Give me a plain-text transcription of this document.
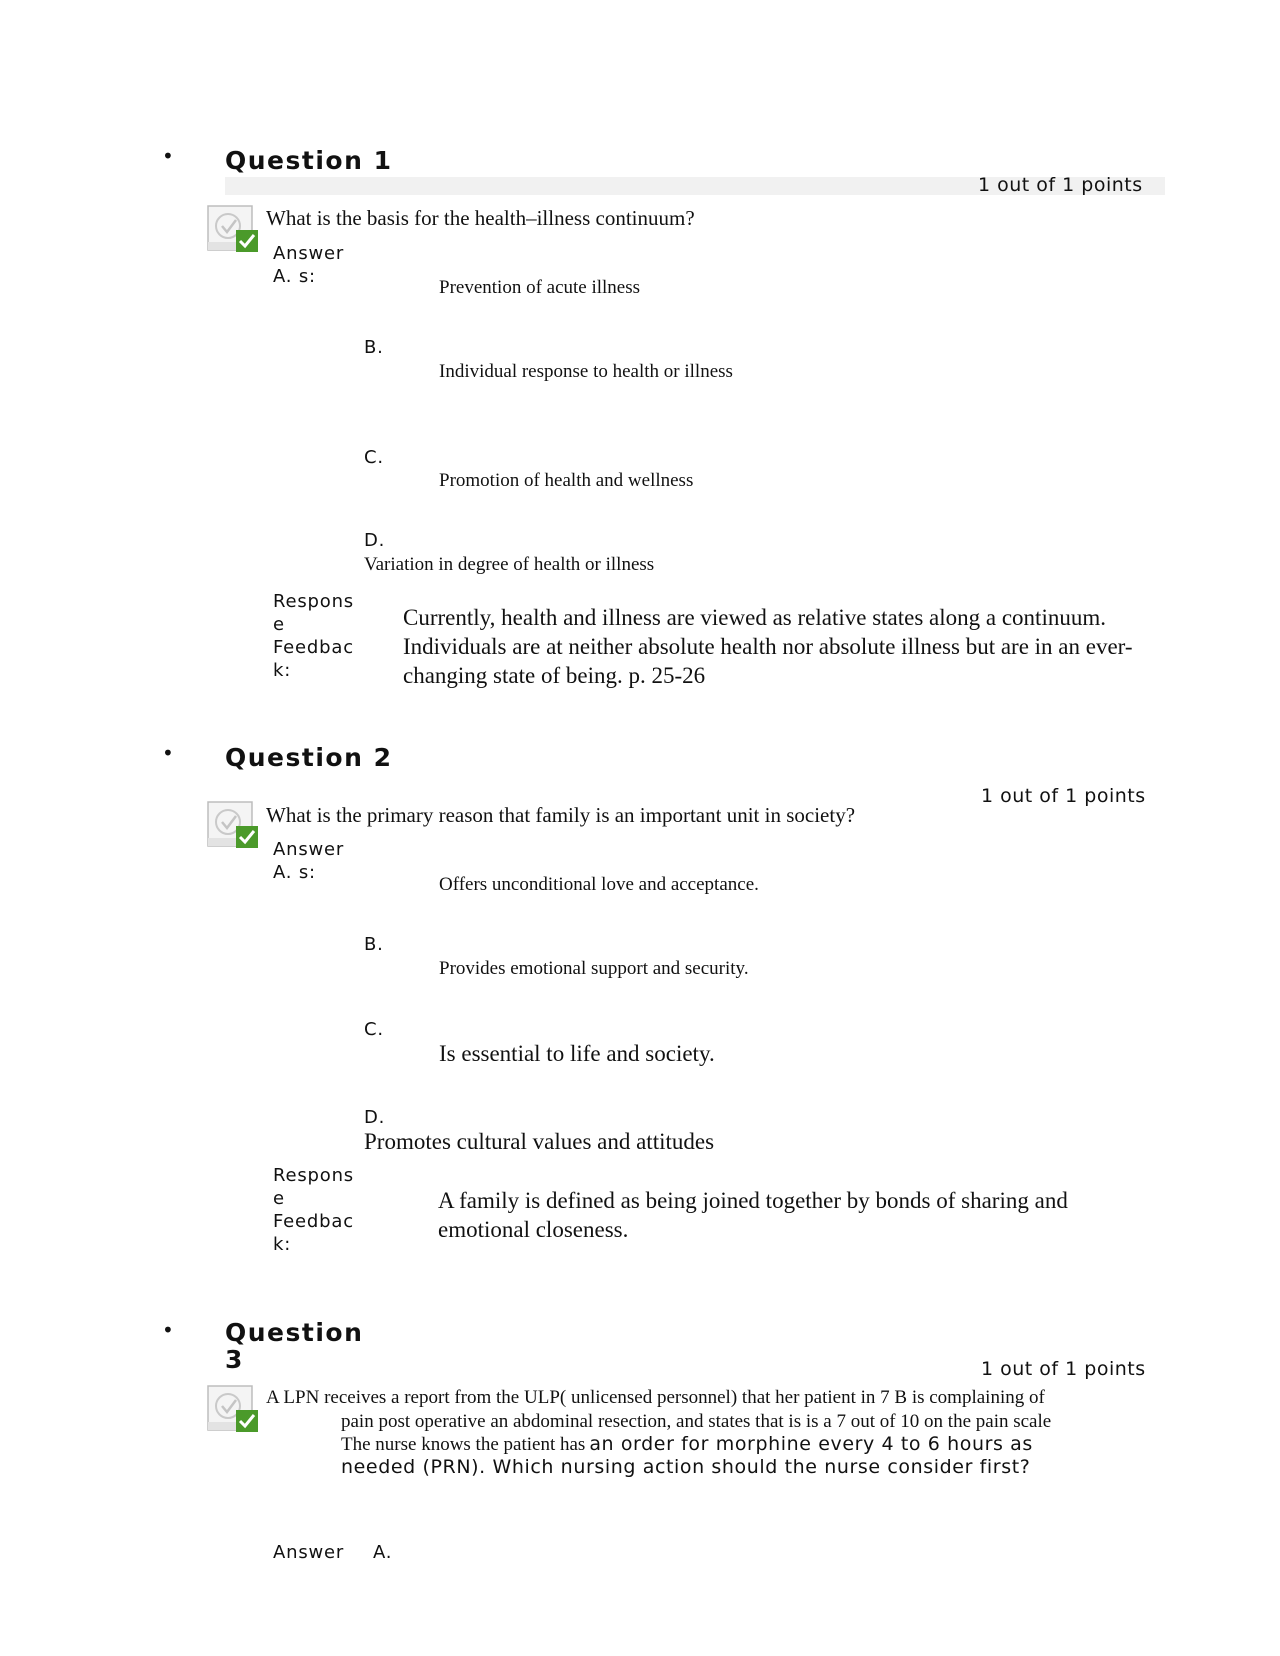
• Question 1
1 out of 1 points
What is the basis for the health–illness continuum?
Answer
A. s:
Prevention of acute illness
B.
Individual response to health or illness
C.
Promotion of health and wellness
D.
Variation in degree of health or illness
Respons
e
Feedbac
k:
Currently, health and illness are viewed as relative states along a continuum. Individuals are at neither absolute health nor absolute illness but are in an ever-changing state of being. p. 25-26
• Question 2
1 out of 1 points
What is the primary reason that family is an important unit in society?
Answer
A. s:
Offers unconditional love and acceptance.
B.
Provides emotional support and security.
C.
Is essential to life and society.
D.
Promotes cultural values and attitudes
Respons
e
Feedbac
k:
A family is defined as being joined together by bonds of sharing and emotional closeness.
• Question
3	1 out of 1 points
A LPN receives a report from the ULP( unlicensed personnel) that her patient in 7 B is complaining of
pain post operative an abdominal resection, and states that is is a 7 out of 10 on the pain scale
The nurse knows the patient has an order for morphine every 4 to 6 hours as
needed (PRN). Which nursing action should the nurse consider first?
Answer A.
